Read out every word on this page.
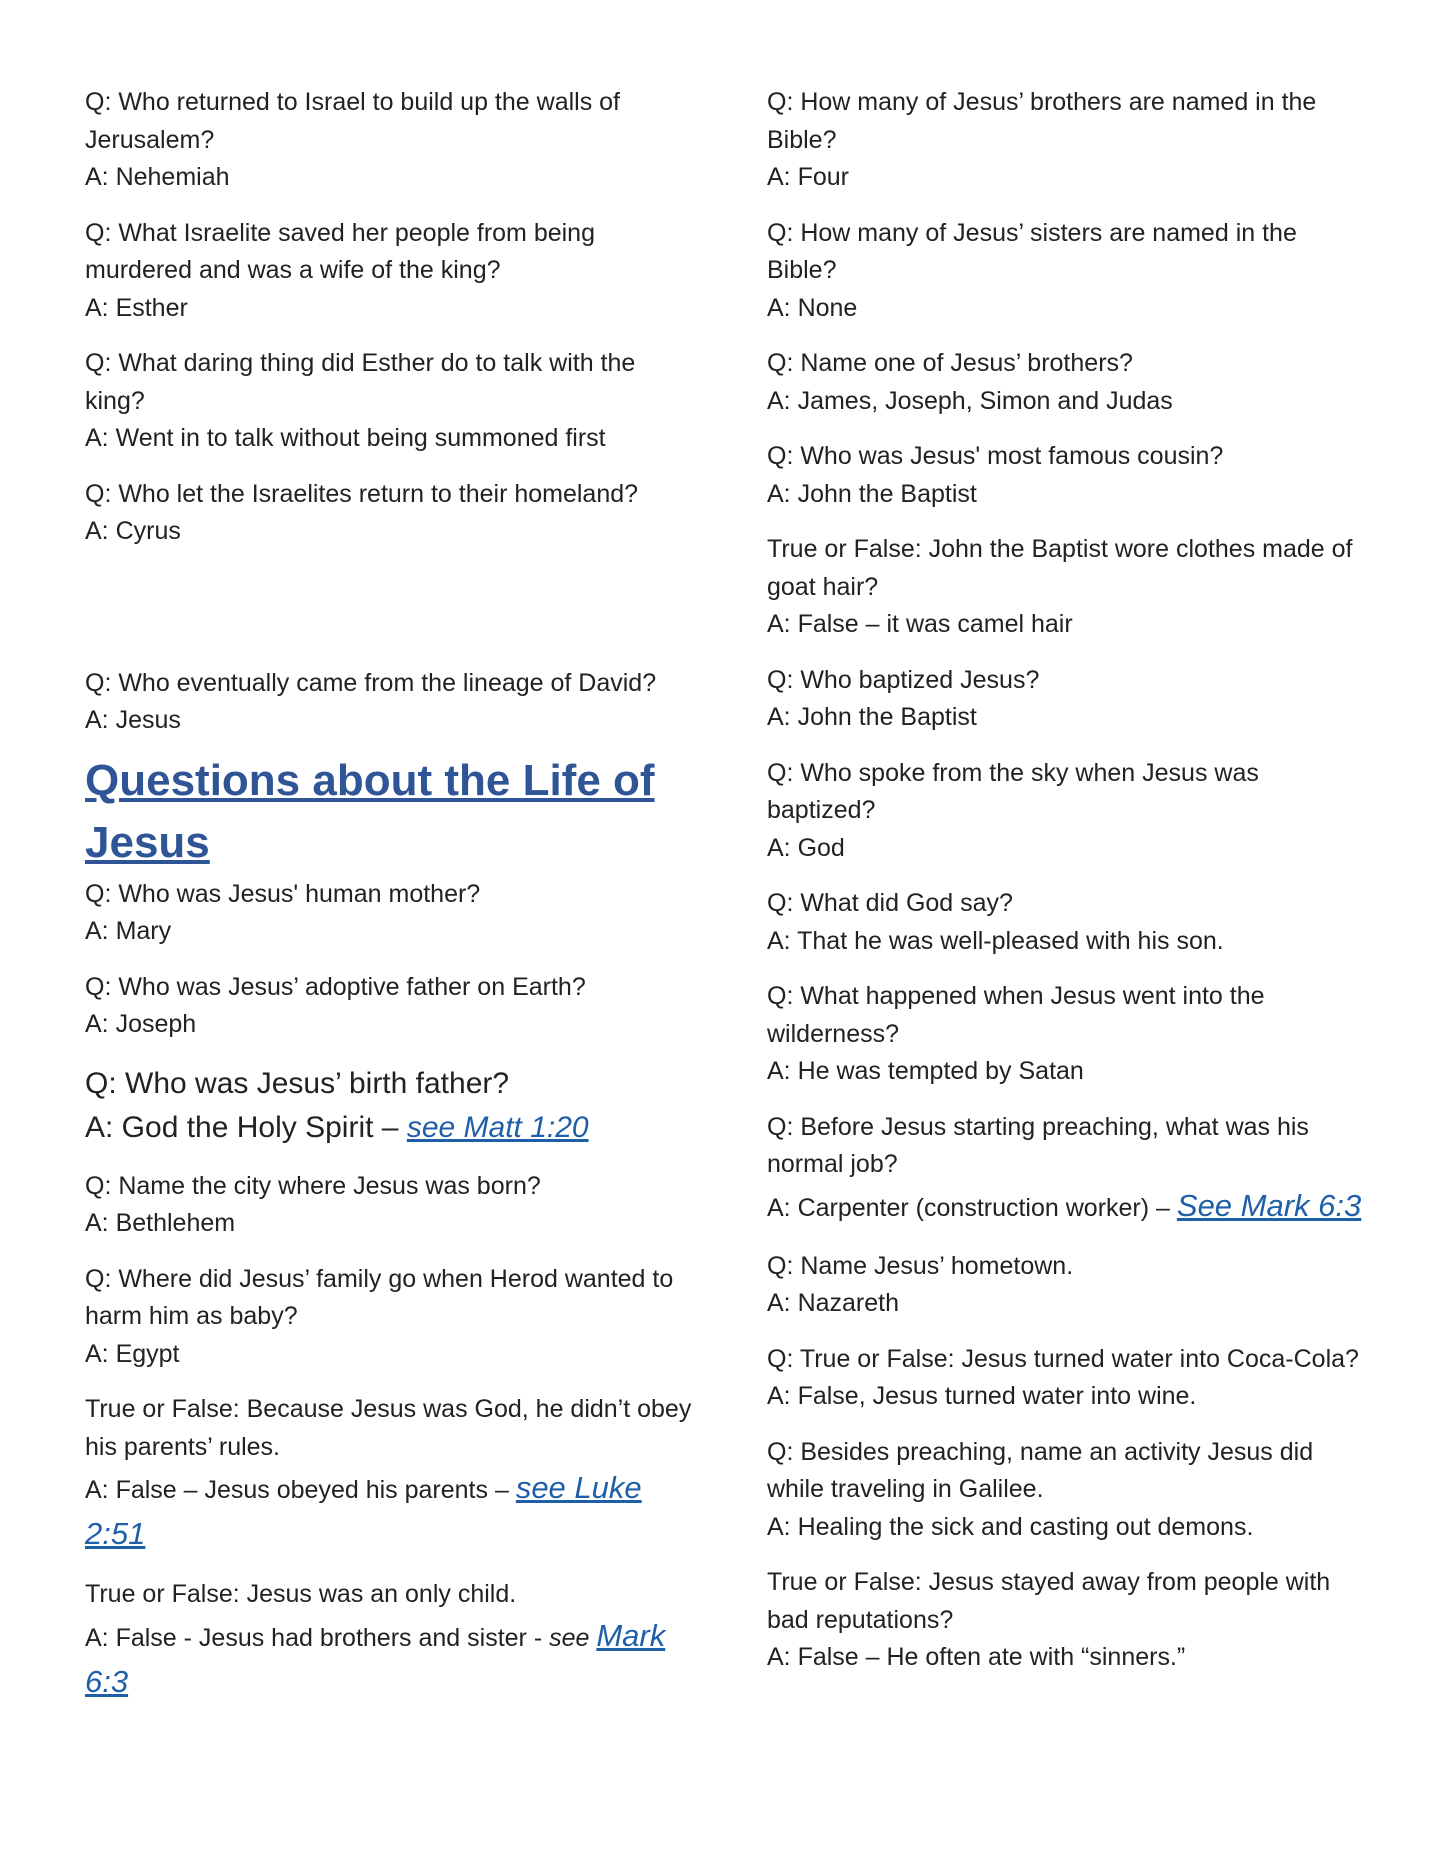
Q: Who returned to Israel to build up the walls of Jerusalem?

A: Nehemiah

Q: What Israelite saved her people from being murdered and was a wife of the king?

A: Esther

Q: What daring thing did Esther do to talk with the king?

A: Went in to talk without being summoned first

Q: Who let the Israelites return to their homeland?

A: Cyrus

Q: Who eventually came from the lineage of David?

A: Jesus

Questions about the Life of Jesus

Q: Who was Jesus' human mother?

A: Mary

Q: Who was Jesus’ adoptive father on Earth?

A: Joseph

Q: Who was Jesus’ birth father?

A: God the Holy Spirit – see Matt 1:20

Q: Name the city where Jesus was born?

A: Bethlehem

Q: Where did Jesus’ family go when Herod wanted to harm him as baby?

A: Egypt

True or False: Because Jesus was God, he didn’t obey his parents’ rules.

A: False – Jesus obeyed his parents – see Luke 2:51

True or False: Jesus was an only child.

A: False - Jesus had brothers and sister - see Mark 6:3

Q: How many of Jesus’ brothers are named in the Bible?

A: Four

Q: How many of Jesus’ sisters are named in the Bible?

A: None

Q: Name one of Jesus’ brothers?

A: James, Joseph, Simon and Judas

Q: Who was Jesus' most famous cousin?

A: John the Baptist

True or False: John the Baptist wore clothes made of goat hair?

A: False – it was camel hair

Q: Who baptized Jesus?

A: John the Baptist

Q: Who spoke from the sky when Jesus was baptized?

A: God

Q: What did God say?

A: That he was well-pleased with his son.

Q: What happened when Jesus went into the wilderness?

A: He was tempted by Satan

Q: Before Jesus starting preaching, what was his normal job?

A: Carpenter (construction worker) – See Mark 6:3

Q: Name Jesus’ hometown.

A: Nazareth

Q: True or False: Jesus turned water into Coca-Cola?

A: False, Jesus turned water into wine.

Q: Besides preaching, name an activity Jesus did while traveling in Galilee.

A: Healing the sick and casting out demons.

True or False: Jesus stayed away from people with bad reputations?

A: False – He often ate with “sinners.”
